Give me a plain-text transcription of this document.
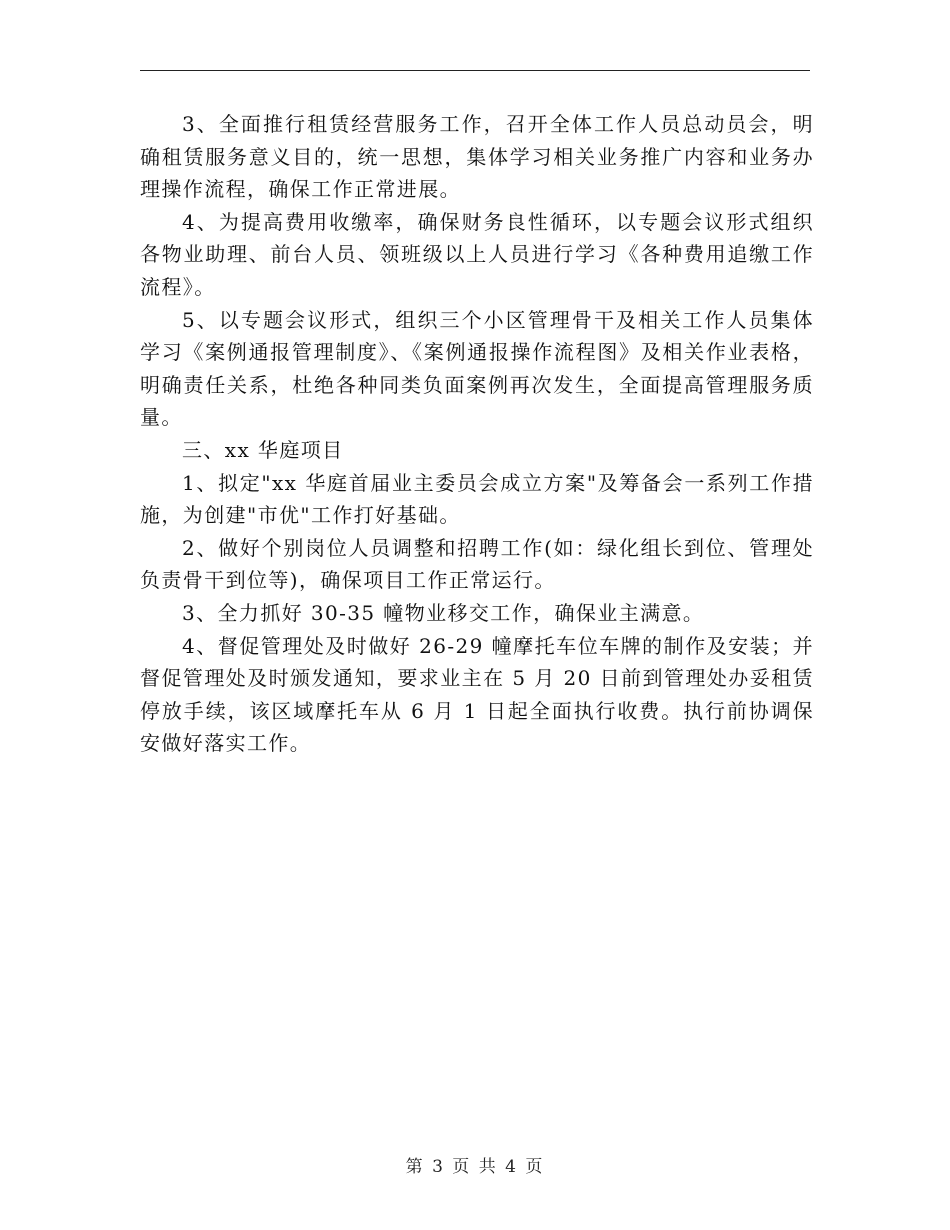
3、全面推行租赁经营服务工作，召开全体工作人员总动员会，明确租赁服务意义目的，统一思想，集体学习相关业务推广内容和业务办理操作流程，确保工作正常进展。

4、为提高费用收缴率，确保财务良性循环，以专题会议形式组织各物业助理、前台人员、领班级以上人员进行学习《各种费用追缴工作流程》。

5、以专题会议形式，组织三个小区管理骨干及相关工作人员集体学习《案例通报管理制度》、《案例通报操作流程图》及相关作业表格，明确责任关系，杜绝各种同类负面案例再次发生，全面提高管理服务质量。

三、xx 华庭项目

1、拟定"xx 华庭首届业主委员会成立方案"及筹备会一系列工作措施，为创建"市优"工作打好基础。

2、做好个别岗位人员调整和招聘工作(如：绿化组长到位、管理处负责骨干到位等)，确保项目工作正常运行。

3、全力抓好 30-35 幢物业移交工作，确保业主满意。

4、督促管理处及时做好 26-29 幢摩托车位车牌的制作及安装；并督促管理处及时颁发通知，要求业主在 5 月 20 日前到管理处办妥租赁停放手续，该区域摩托车从 6 月 1 日起全面执行收费。执行前协调保安做好落实工作。

第 3 页 共 4 页
